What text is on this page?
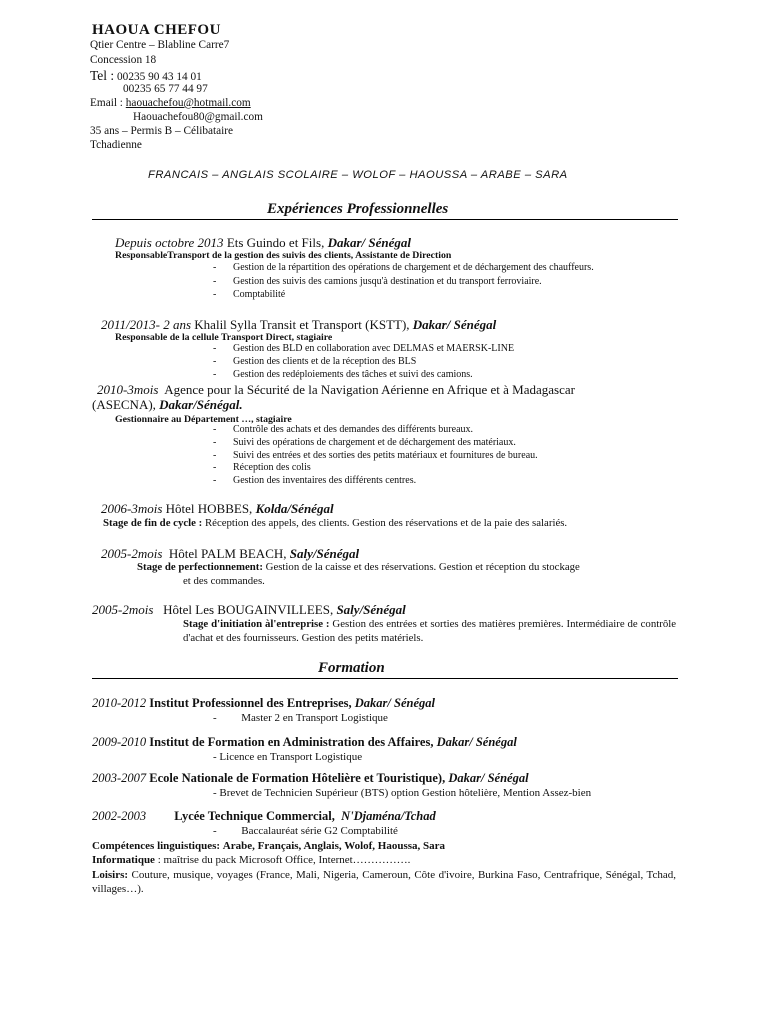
HAOUA CHEFOU
Qtier Centre – Blabline Carre7
Concession 18
Tel : 00235 90 43 14 01
00235 65 77 44 97
Email : haouachefou@hotmail.com
Haouachefou80@gmail.com
35 ans – Permis B – Célibataire
Tchadienne
FRANCAIS – ANGLAIS SCOLAIRE – WOLOF – HAOUSSA – ARABE – SARA
Expériences Professionnelles
Depuis octobre 2013 Ets Guindo et Fils, Dakar/ Sénégal
ResponsableTransport de la gestion des suivis des clients, Assistante de Direction
- Gestion de la répartition des opérations de chargement et de déchargement des chauffeurs.
- Gestion des suivis des camions jusqu'à destination et du transport ferroviaire.
- Comptabilité
2011/2013- 2 ans Khalil Sylla Transit et Transport (KSTT), Dakar/ Sénégal
Responsable de la cellule Transport Direct, stagiaire
- Gestion des BLD en collaboration avec DELMAS et MAERSK-LINE
- Gestion des clients et de la réception des BLS
- Gestion des redéploiements des tâches et suivi des camions.
2010-3mois Agence pour la Sécurité de la Navigation Aérienne en Afrique et à Madagascar
(ASECNA), Dakar/Sénégal.
Gestionnaire au Département …, stagiaire
- Contrôle des achats et des demandes des différents bureaux.
- Suivi des opérations de chargement et de déchargement des matériaux.
- Suivi des entrées et des sorties des petits matériaux et fournitures de bureau.
- Réception des colis
- Gestion des inventaires des différents centres.
2006-3mois Hôtel HOBBES, Kolda/Sénégal
Stage de fin de cycle : Réception des appels, des clients. Gestion des réservations et de la paie des salariés.
2005-2mois Hôtel PALM BEACH, Saly/Sénégal
Stage de perfectionnement: Gestion de la caisse et des réservations. Gestion et réception du stockage
et des commandes.
2005-2mois Hôtel Les BOUGAINVILLEES, Saly/Sénégal
Stage d'initiation àl'entreprise : Gestion des entrées et sorties des matières premières. Intermédiaire de contrôle d'achat et des fournisseurs. Gestion des petits matériels.
Formation
2010-2012 Institut Professionnel des Entreprises, Dakar/ Sénégal
- Master 2 en Transport Logistique
2009-2010 Institut de Formation en Administration des Affaires, Dakar/ Sénégal
- Licence en Transport Logistique
2003-2007 Ecole Nationale de Formation Hôtelière et Touristique), Dakar/ Sénégal
- Brevet de Technicien Supérieur (BTS) option Gestion hôtelière, Mention Assez-bien
2002-2003 Lycée Technique Commercial, N'Djaména/Tchad
- Baccalauréat série G2 Comptabilité
Compétences linguistiques: Arabe, Français, Anglais, Wolof, Haoussa, Sara
Informatique : maîtrise du pack Microsoft Office, Internet…………….
Loisirs: Couture, musique, voyages (France, Mali, Nigeria, Cameroun, Côte d'ivoire, Burkina Faso, Centrafrique, Sénégal, Tchad, villages…).
